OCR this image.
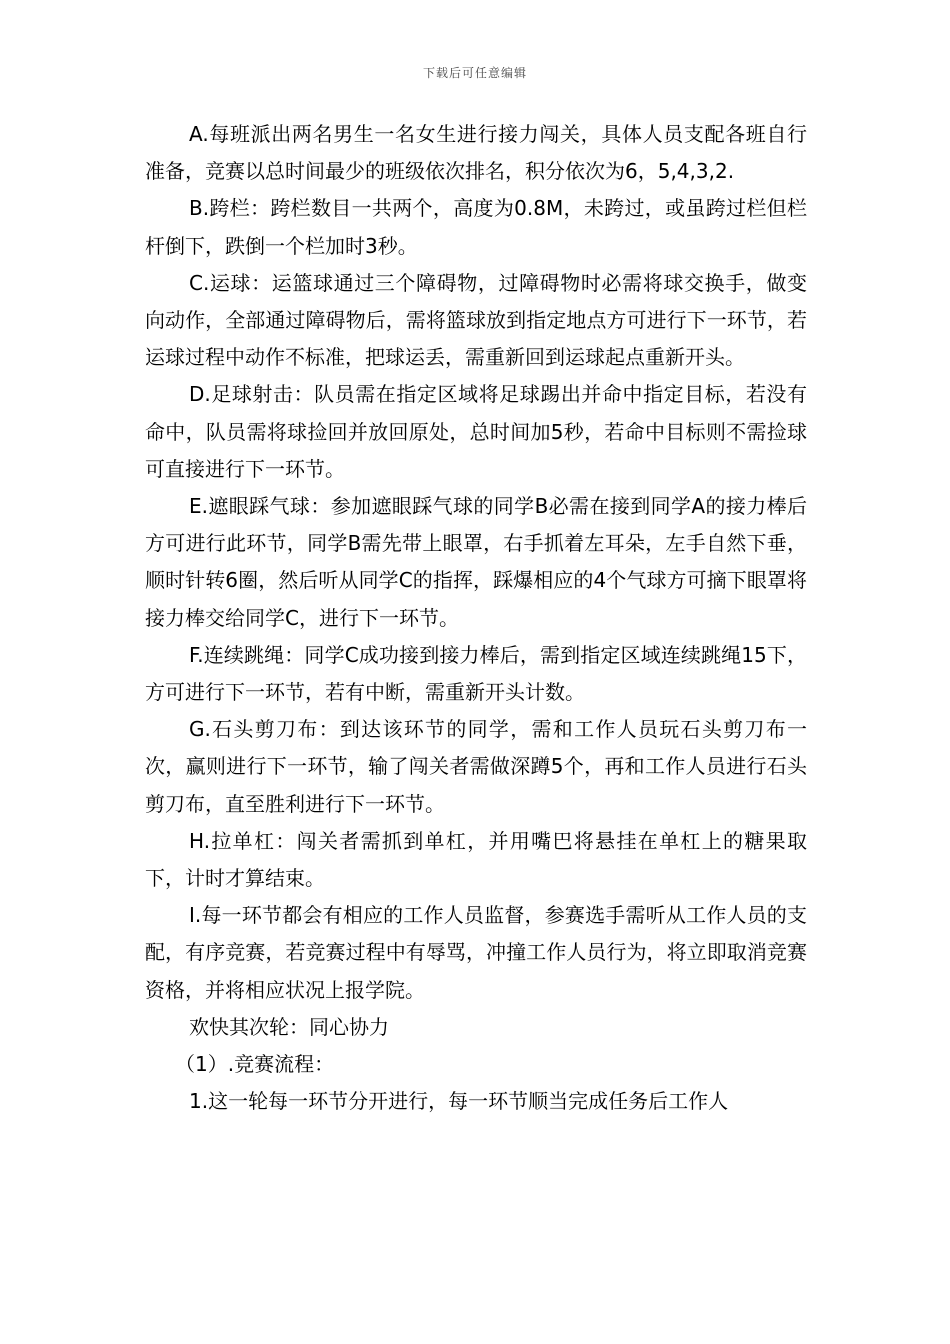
下载后可任意编辑

A.每班派出两名男生一名女生进行接力闯关，具体人员支配各班自行准备，竞赛以总时间最少的班级依次排名，积分依次为6，5,4,3,2.

B.跨栏：跨栏数目一共两个，高度为0.8M，未跨过，或虽跨过栏但栏杆倒下，跌倒一个栏加时3秒。

C.运球：运篮球通过三个障碍物，过障碍物时必需将球交换手，做变向动作，全部通过障碍物后，需将篮球放到指定地点方可进行下一环节，若运球过程中动作不标准，把球运丢，需重新回到运球起点重新开头。

D.足球射击：队员需在指定区域将足球踢出并命中指定目标，若没有命中，队员需将球捡回并放回原处，总时间加5秒，若命中目标则不需捡球可直接进行下一环节。

E.遮眼踩气球：参加遮眼踩气球的同学B必需在接到同学A的接力棒后方可进行此环节，同学B需先带上眼罩，右手抓着左耳朵，左手自然下垂，顺时针转6圈，然后听从同学C的指挥，踩爆相应的4个气球方可摘下眼罩将接力棒交给同学C，进行下一环节。

F.连续跳绳：同学C成功接到接力棒后，需到指定区域连续跳绳15下，方可进行下一环节，若有中断，需重新开头计数。

G.石头剪刀布：到达该环节的同学，需和工作人员玩石头剪刀布一次，赢则进行下一环节，输了闯关者需做深蹲5个，再和工作人员进行石头剪刀布，直至胜利进行下一环节。

H.拉单杠：闯关者需抓到单杠，并用嘴巴将悬挂在单杠上的糖果取下，计时才算结束。

I.每一环节都会有相应的工作人员监督，参赛选手需听从工作人员的支配，有序竞赛，若竞赛过程中有辱骂，冲撞工作人员行为，将立即取消竞赛资格，并将相应状况上报学院。

欢快其次轮：同心协力

（1）.竞赛流程：

1.这一轮每一环节分开进行，每一环节顺当完成任务后工作人
